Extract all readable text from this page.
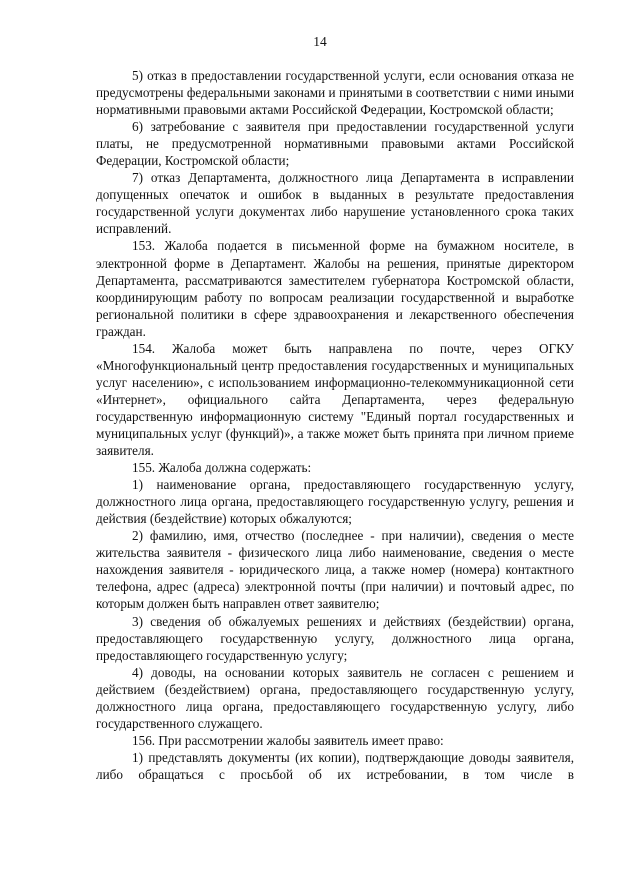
14

5) отказ в предоставлении государственной услуги, если основания отказа не предусмотрены федеральными законами и принятыми в соответствии с ними иными нормативными правовыми актами Российской Федерации, Костромской области;

6) затребование с заявителя при предоставлении государственной услуги платы, не предусмотренной нормативными правовыми актами Российской Федерации, Костромской области;

7) отказ Департамента, должностного лица Департамента в исправлении допущенных опечаток и ошибок в выданных в результате предоставления государственной услуги документах либо нарушение установленного срока таких исправлений.

153. Жалоба подается в письменной форме на бумажном носителе, в электронной форме в Департамент. Жалобы на решения, принятые директором Департамента, рассматриваются заместителем губернатора Костромской области, координирующим работу по вопросам реализации государственной и выработке региональной политики в сфере здравоохранения и лекарственного обеспечения граждан.

154. Жалоба может быть направлена по почте, через ОГКУ «Многофункциональный центр предоставления государственных и муниципальных услуг населению», с использованием информационно-телекоммуникационной сети «Интернет», официального сайта Департамента, через федеральную государственную информационную систему "Единый портал государственных и муниципальных услуг (функций)», а также может быть принята при личном приеме заявителя.

155. Жалоба должна содержать:

1) наименование органа, предоставляющего государственную услугу, должностного лица органа, предоставляющего государственную услугу, решения и действия (бездействие) которых обжалуются;

2) фамилию, имя, отчество (последнее - при наличии), сведения о месте жительства заявителя - физического лица либо наименование, сведения о месте нахождения заявителя - юридического лица, а также номер (номера) контактного телефона, адрес (адреса) электронной почты (при наличии) и почтовый адрес, по которым должен быть направлен ответ заявителю;

3) сведения об обжалуемых решениях и действиях (бездействии) органа, предоставляющего государственную услугу, должностного лица органа, предоставляющего государственную услугу;

4) доводы, на основании которых заявитель не согласен с решением и действием (бездействием) органа, предоставляющего государственную услугу, должностного лица органа, предоставляющего государственную услугу, либо государственного служащего.

156. При рассмотрении жалобы заявитель имеет право:

1) представлять документы (их копии), подтверждающие доводы заявителя, либо обращаться с просьбой об их истребовании, в том числе в
